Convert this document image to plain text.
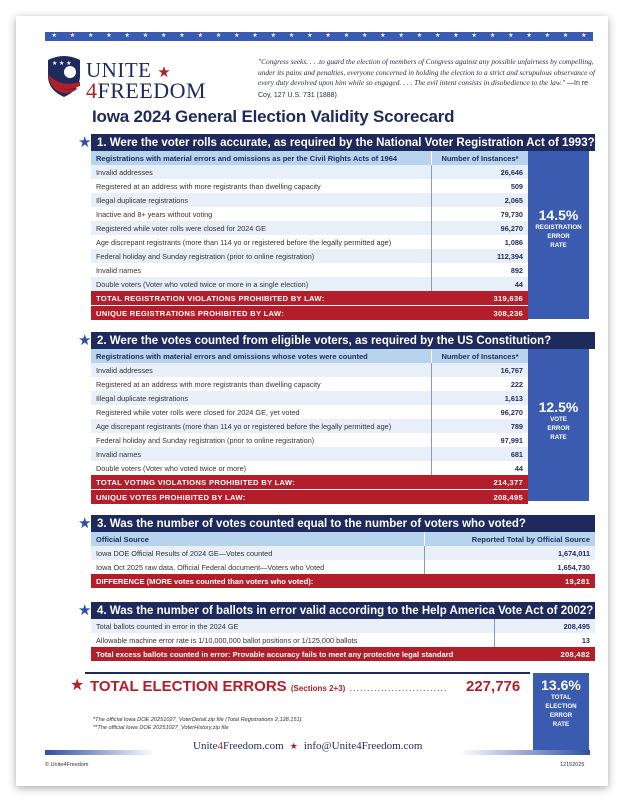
★ ★ ★ ★ ★ ★ ★ ★ ★ ★ ★ ★ ★ ★ ★ ★ ★ ★ ★ ★ ★ ★ ★ ★ ★ ★ ★ ★ ★ ★
★ ★ ★ UNITE ★
4FREEDOM
"Congress seeks. . . .to guard the election of members of Congress against any possible unfairness by compelling, under its pains and penalties, everyone concerned in holding the election to a strict and scrupulous observance of every duty devolved upon him while so engaged. . . . The evil intent consists in disobedience to the law." —In re Coy, 127 U.S. 731 (1888)
Iowa 2024 General Election Validity Scorecard
★ 1. Were the voter rolls accurate, as required by the National Voter Registration Act of 1993?
Registrations with material errors and omissions as per the Civil Rights Acts of 1964	Number of Instances*
Invalid addresses	26,646
Registered at an address with more registrants than dwelling capacity	509
Illegal duplicate registrations	2,065
Inactive and 8+ years without voting	79,730
Registered while voter rolls were closed for 2024 GE	96,270
Age discrepant registrants (more than 114 yo or registered before the legally permitted age)	1,086
Federal holiday and Sunday registration (prior to online registration)	112,394
Invalid names	892
Double voters (Voter who voted twice or more in a single election)	44
TOTAL REGISTRATION VIOLATIONS PROHIBITED BY LAW:	319,636
UNIQUE REGISTRATIONS PROHIBITED BY LAW:	308,236
14.5%
REGISTRATION
ERROR
RATE
★ 2. Were the votes counted from eligible voters, as required by the US Constitution?
Registrations with material errors and omissions whose votes were counted	Number of Instances*
Invalid addresses	16,767
Registered at an address with more registrants than dwelling capacity	222
Illegal duplicate registrations	1,613
Registered while voter rolls were closed for 2024 GE, yet voted	96,270
Age discrepant registrants (more than 114 yo or registered before the legally permitted age)	789
Federal holiday and Sunday registration (prior to online registration)	97,991
Invalid names	681
Double voters (Voter who voted twice or more)	44
TOTAL VOTING VIOLATIONS PROHIBITED BY LAW:	214,377
UNIQUE VOTES PROHIBITED BY LAW:	208,495
12.5%
VOTE
ERROR
RATE
★ 3. Was the number of votes counted equal to the number of voters who voted?
Official Source	Reported Total by Official Source
Iowa DOE Official Results of 2024 GE—Votes counted	1,674,011
Iowa Oct 2025 raw data, Official Federal document—Voters who Voted	1,654,730
DIFFERENCE (MORE votes counted than voters who voted):	19,281
★ 4. Was the number of ballots in error valid according to the Help America Vote Act of 2002?
Total ballots counted in error in the 2024 GE	208,495
Allowable machine error rate is 1/10,000,000 ballot positions or 1/125,000 ballots	13
Total excess ballots counted in error: Provable accuracy fails to meet any protective legal standard	208,482
★ TOTAL ELECTION ERRORS (Sections 2+3) ............................ 227,776	13.6%
TOTAL
ELECTION
ERROR
RATE
*The official Iowa DOE 20251027_VoterDetail.zip file (Total Registrations 2,128,151).
**The official Iowa DOE 20251027_VoterHistory.zip file
Unite4Freedom.com ★ info@Unite4Freedom.com
© Unite4Freedom	12152025
